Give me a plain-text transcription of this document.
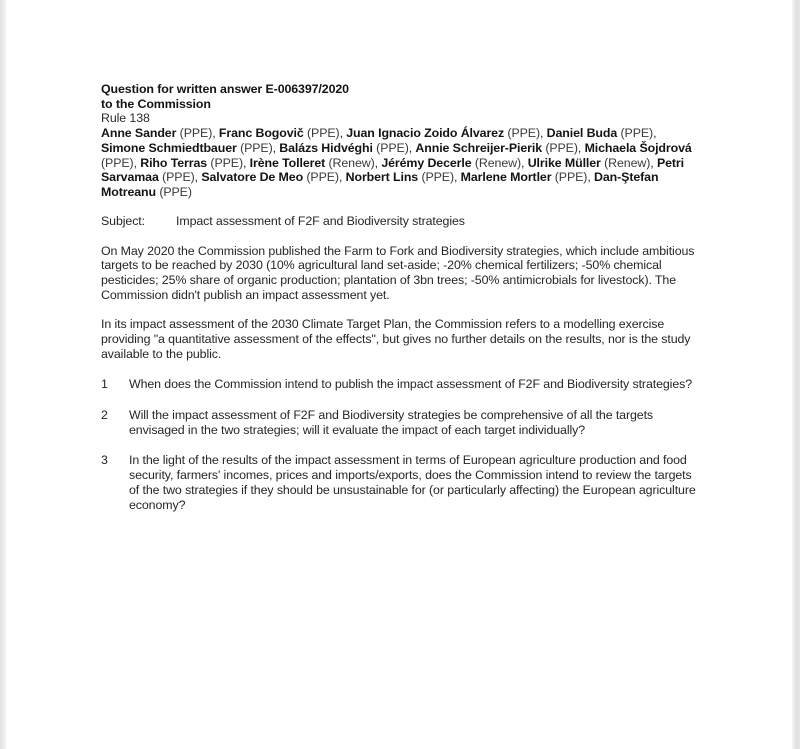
Question for written answer E-006397/2020

to the Commission

Rule 138

Anne Sander (PPE), Franc Bogovič (PPE), Juan Ignacio Zoido Álvarez (PPE), Daniel Buda (PPE), Simone Schmiedtbauer (PPE), Balázs Hidvéghi (PPE), Annie Schreijer-Pierik (PPE), Michaela Šojdrová (PPE), Riho Terras (PPE), Irène Tolleret (Renew), Jérémy Decerle (Renew), Ulrike Müller (Renew), Petri Sarvamaa (PPE), Salvatore De Meo (PPE), Norbert Lins (PPE), Marlene Mortler (PPE), Dan-Ştefan Motreanu (PPE)

Subject:	Impact assessment of F2F and Biodiversity strategies

On May 2020 the Commission published the Farm to Fork and Biodiversity strategies, which include ambitious targets to be reached by 2030 (10% agricultural land set-aside; -20% chemical fertilizers; -50% chemical pesticides; 25% share of organic production; plantation of 3bn trees; -50% antimicrobials for livestock). The Commission didn't publish an impact assessment yet.

In its impact assessment of the 2030 Climate Target Plan, the Commission refers to a modelling exercise providing "a quantitative assessment of the effects", but gives no further details on the results, nor is the study available to the public.

1	When does the Commission intend to publish the impact assessment of F2F and Biodiversity strategies?
2	Will the impact assessment of F2F and Biodiversity strategies be comprehensive of all the targets envisaged in the two strategies; will it evaluate the impact of each target individually?
3	In the light of the results of the impact assessment in terms of European agriculture production and food security, farmers' incomes, prices and imports/exports, does the Commission intend to review the targets of the two strategies if they should be unsustainable for (or particularly affecting) the European agriculture economy?
